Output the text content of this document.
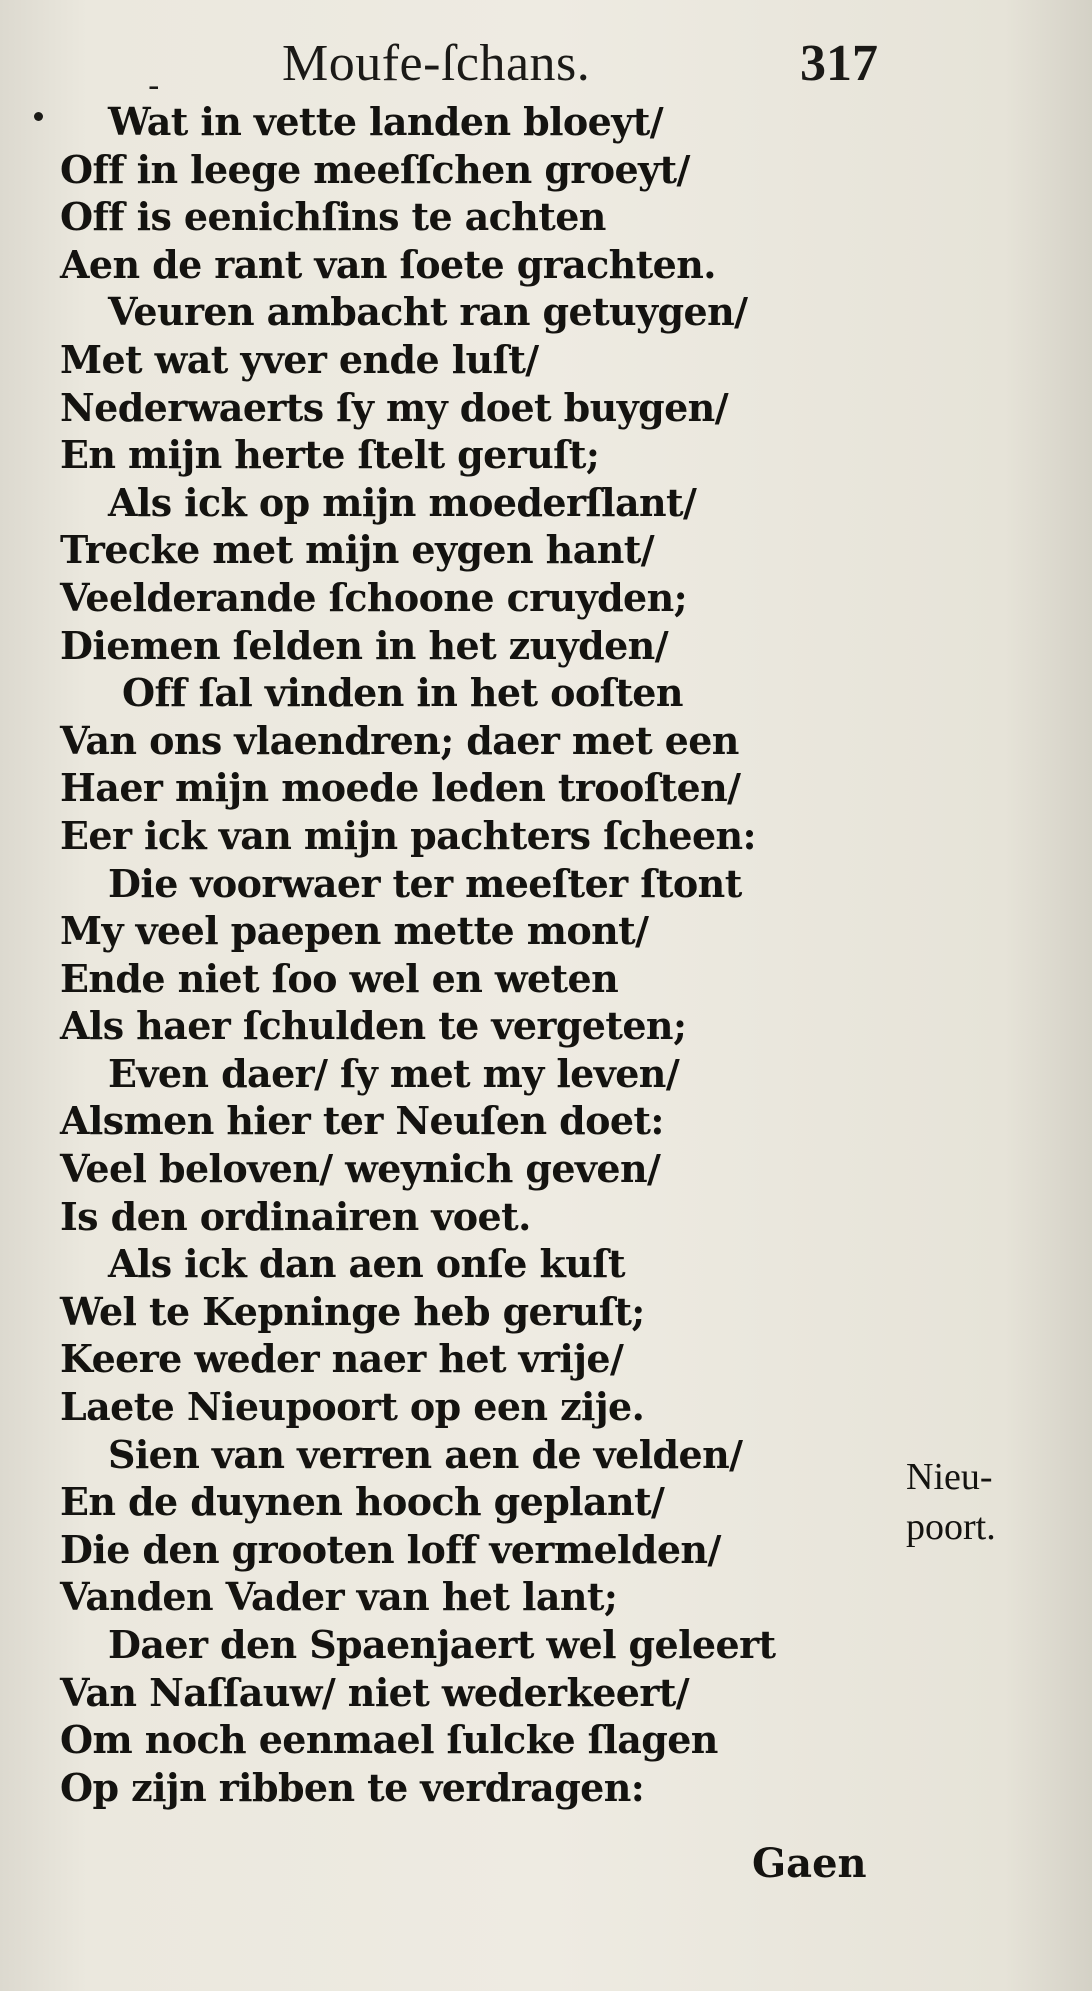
- Moufe-ſchans.	317
Wat in vette landen bloeyt/
Off in leege meeſſchen groeyt/
Off is eenichſins te achten
Aen de rant van ſoete grachten.
Veuren ambacht ran getuygen/
Met wat yver ende luſt/
Nederwaerts ſy my doet buygen/
En mijn herte ſtelt geruſt;
Als ick op mijn moederſlant/
Trecke met mijn eygen hant/
Veelderande ſchoone cruyden;
Diemen ſelden in het zuyden/
Off ſal vinden in het ooſten
Van ons vlaendren; daer met een
Haer mijn moede leden trooſten/
Eer ick van mijn pachters ſcheen:
Die voorwaer ter meeſter ſtont
My veel paepen mette mont/
Ende niet ſoo wel en weten
Als haer ſchulden te vergeten;
Even daer/ ſy met my leven/
Alsmen hier ter Neuſen doet:
Veel beloven/ weynich geven/
Is den ordinairen voet.
Als ick dan aen onſe kuſt
Wel te Kepninge heb geruſt;
Keere weder naer het vrije/
Laete Nieupoort op een zije.
Sien van verren aen de velden/
En de duynen hooch geplant/
Die den grooten loff vermelden/
Vanden Vader van het lant;
Daer den Spaenjaert wel geleert
Van Naſſauw/ niet wederkeert/
Om noch eenmael ſulcke ſlagen
Op zijn ribben te verdragen:
Nieu-
poort.
Gaen
